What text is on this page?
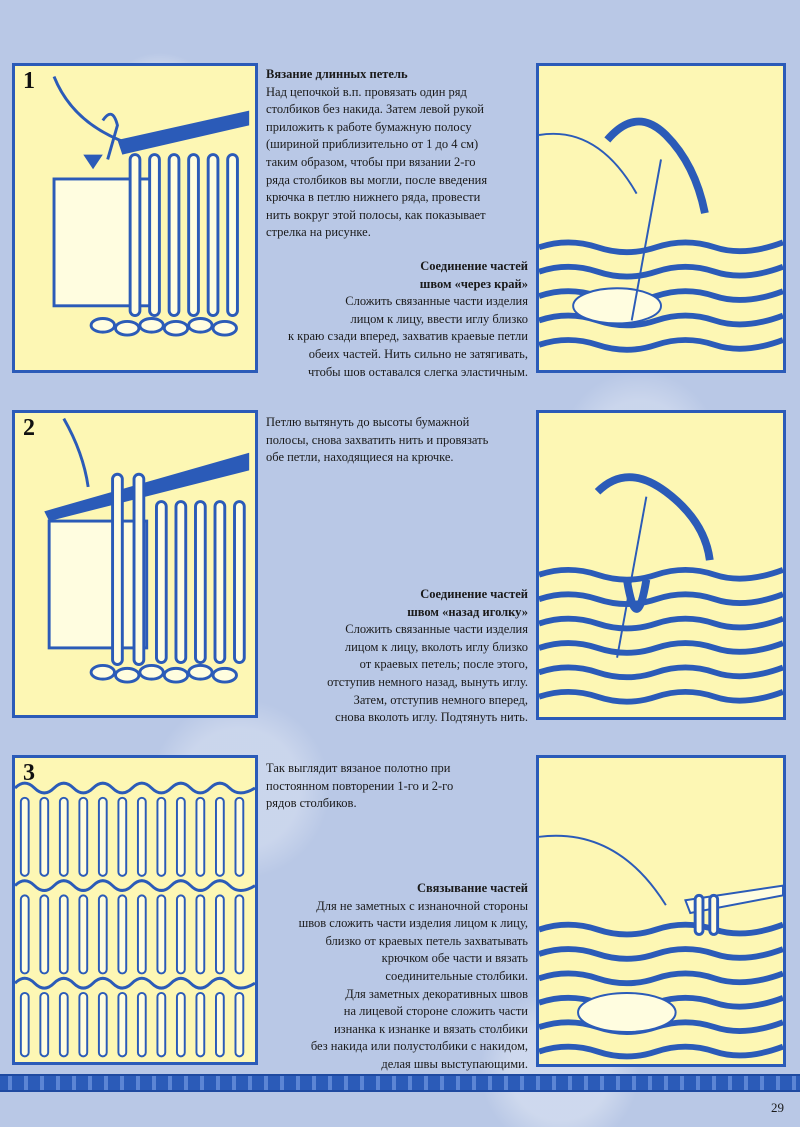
1	Вязание длинных петель
Над цепочкой в.п. провязать один ряд
столбиков без накида. Затем левой рукой
приложить к работе бумажную полосу
(шириной приблизительно от 1 до 4 см)
таким образом, чтобы при вязании 2-го
ряда столбиков вы могли, после введения
крючка в петлю нижнего ряда, провести
нить вокруг этой полосы, как показывает
стрелка на рисунке.
Соединение частей
швом «через край»
Сложить связанные части изделия
лицом к лицу, ввести иглу близко
к краю сзади вперед, захватив краевые петли
обеих частей. Нить сильно не затягивать,
чтобы шов оставался слегка эластичным.
2	Петлю вытянуть до высоты бумажной
полосы, снова захватить нить и провязать
обе петли, находящиеся на крючке.
Соединение частей
швом «назад иголку»
Сложить связанные части изделия
лицом к лицу, вколоть иглу близко
от краевых петель; после этого,
отступив немного назад, вынуть иглу.
Затем, отступив немного вперед,
снова вколоть иглу. Подтянуть нить.
3	Так выглядит вязаное полотно при
постоянном повторении 1-го и 2-го
рядов столбиков.
Связывание частей
Для не заметных с изнаночной стороны
швов сложить части изделия лицом к лицу,
близко от краевых петель захватывать
крючком обе части и вязать
соединительные столбики.
Для заметных декоративных швов
на лицевой стороне сложить части
изнанка к изнанке и вязать столбики
без накида или полустолбики с накидом,
делая швы выступающими.
29
